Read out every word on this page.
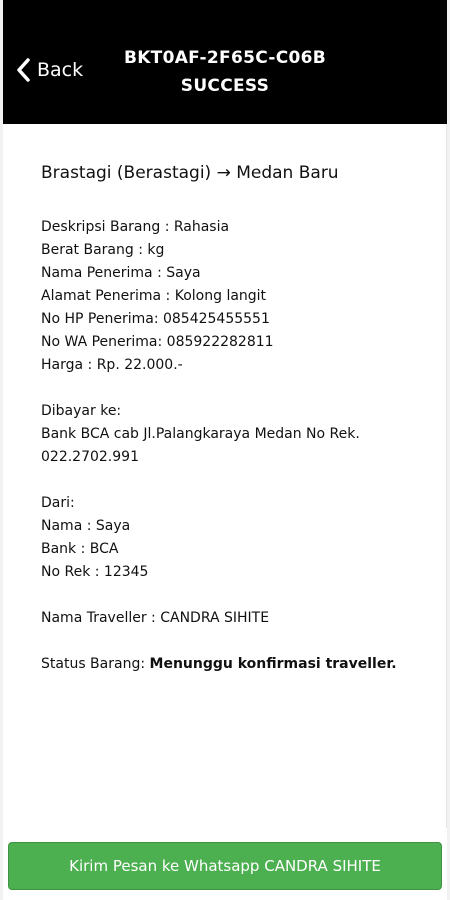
Back
BKT0AF-2F65C-C06B
SUCCESS
Brastagi (Berastagi) → Medan Baru
Deskripsi Barang : Rahasia
Berat Barang : kg
Nama Penerima : Saya
Alamat Penerima : Kolong langit
No HP Penerima: 085425455551
No WA Penerima: 085922282811
Harga : Rp. 22.000.-
Dibayar ke:
Bank BCA cab Jl.Palangkaraya Medan No Rek. 022.2702.991
Dari:
Nama : Saya
Bank : BCA
No Rek : 12345
Nama Traveller : CANDRA SIHITE
Status Barang: Menunggu konfirmasi traveller.
Kirim Pesan ke Whatsapp CANDRA SIHITE
